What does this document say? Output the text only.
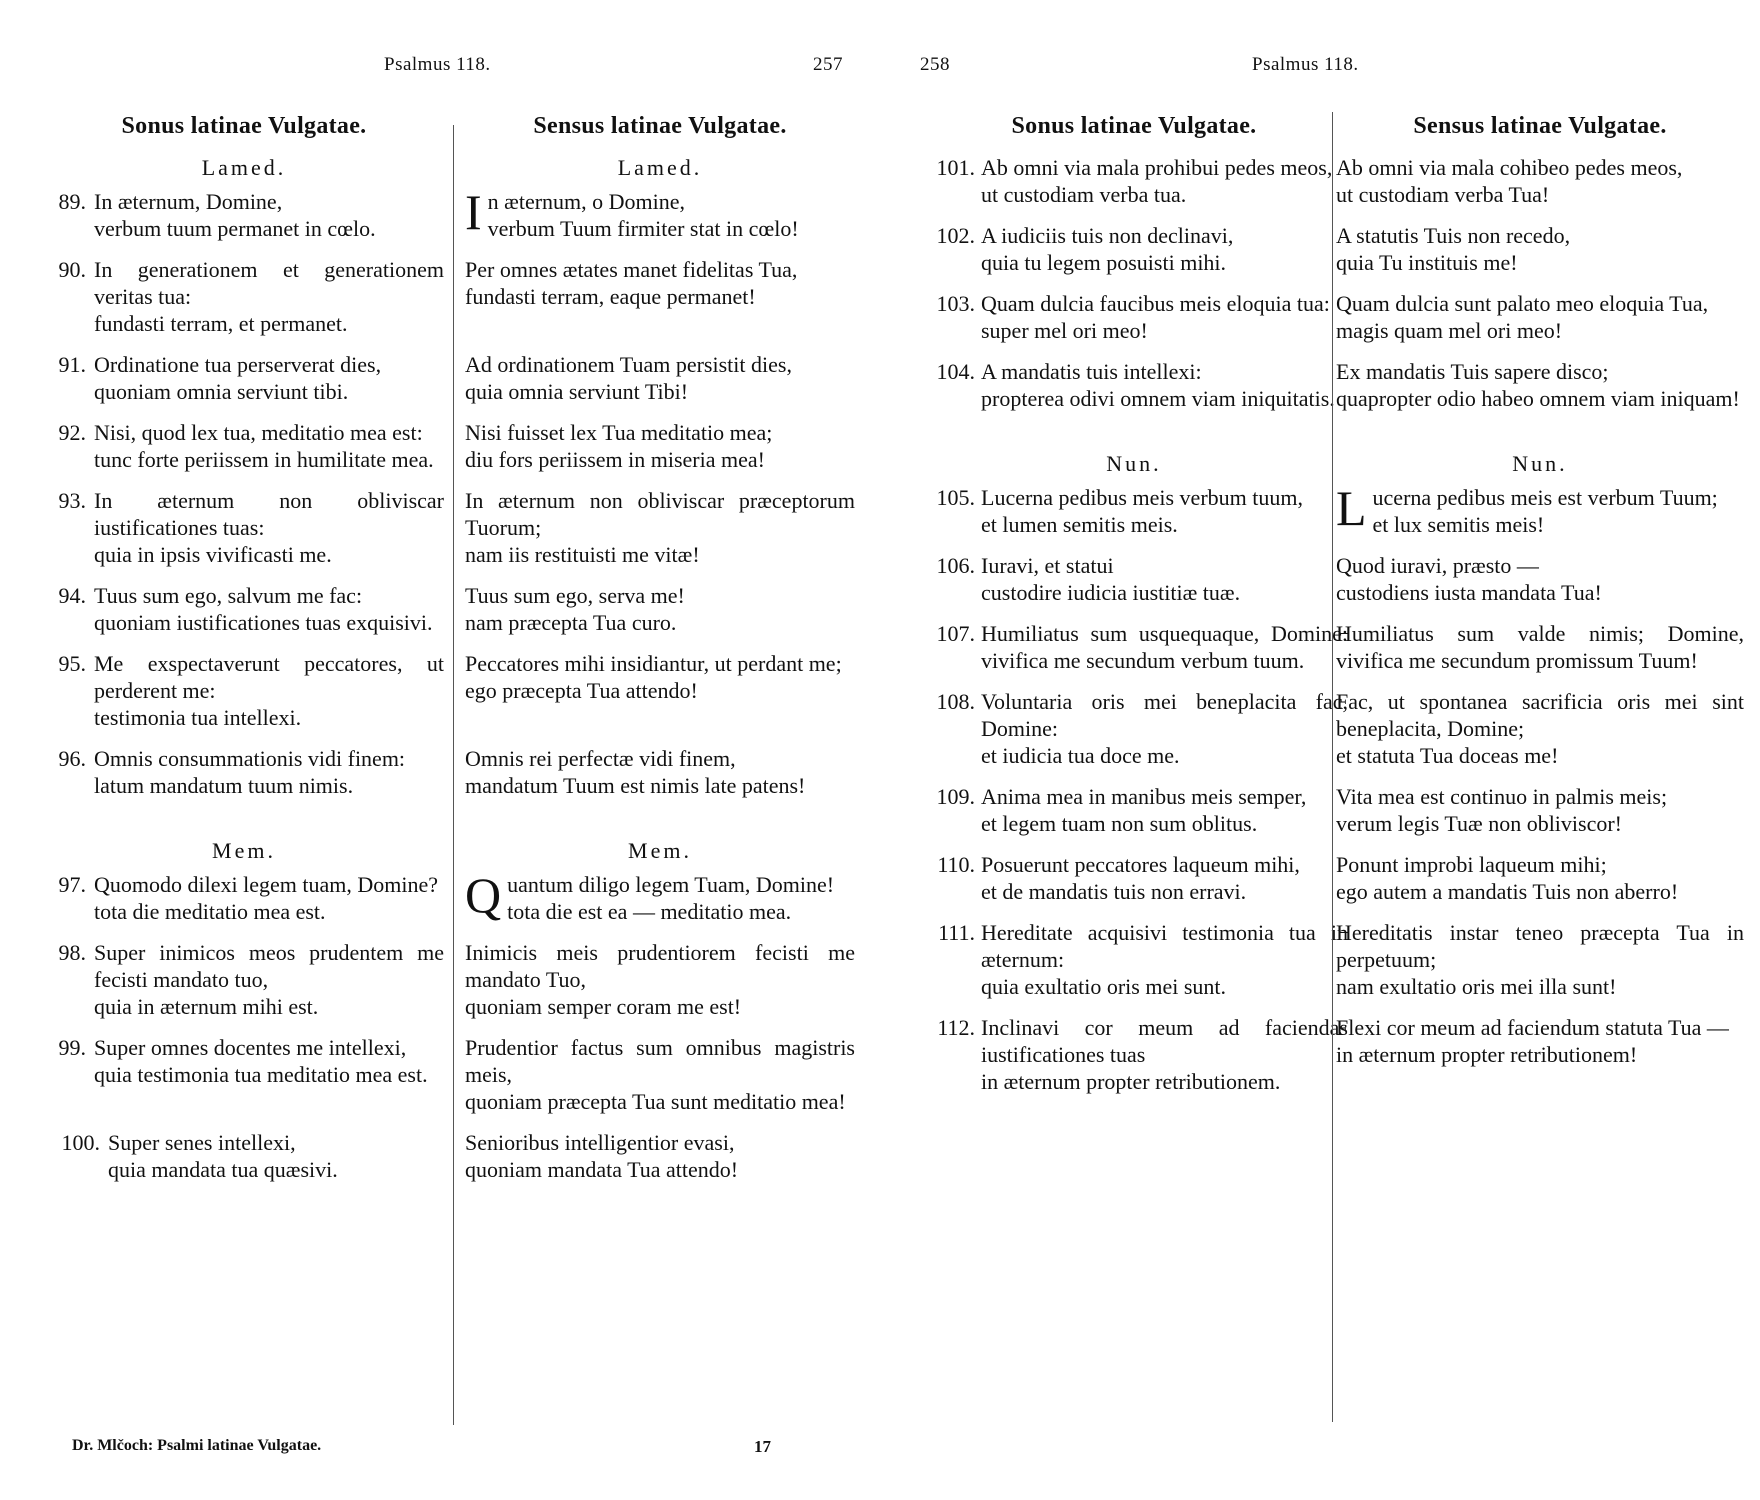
Psalmus 118.	257
Sonus latinae Vulgatae.
Lamed.
89. In æternum, Domine,
verbum tuum permanet in cœlo.
90. In generationem et generationem veritas tua:
fundasti terram, et permanet.
91. Ordinatione tua perserverat dies,
quoniam omnia serviunt tibi.
92. Nisi, quod lex tua, meditatio mea est:
tunc forte periissem in humilitate mea.
93. In æternum non obliviscar iustificationes tuas:
quia in ipsis vivificasti me.
94. Tuus sum ego, salvum me fac:
quoniam iustificationes tuas exquisivi.
95. Me exspectaverunt peccatores, ut perderent me:
testimonia tua intellexi.
96. Omnis consummationis vidi finem:
latum mandatum tuum nimis.
Mem.
97. Quomodo dilexi legem tuam, Domine?
tota die meditatio mea est.
98. Super inimicos meos prudentem me fecisti mandato tuo,
quia in æternum mihi est.
99. Super omnes docentes me intellexi,
quia testimonia tua meditatio mea est.
100. Super senes intellexi,
quia mandata tua quæsivi.
Sensus latinae Vulgatae.
Lamed.
I n æternum, o Domine,
verbum Tuum firmiter stat in cœlo!
Per omnes ætates manet fidelitas Tua,
fundasti terram, eaque permanet!
Ad ordinationem Tuam persistit dies,
quia omnia serviunt Tibi!
Nisi fuisset lex Tua meditatio mea;
diu fors periissem in miseria mea!
In æternum non obliviscar præceptorum Tuorum;
nam iis restituisti me vitæ!
Tuus sum ego, serva me!
nam præcepta Tua curo.
Peccatores mihi insidiantur, ut perdant me;
ego præcepta Tua attendo!
Omnis rei perfectæ vidi finem,
mandatum Tuum est nimis late patens!
Mem.
Q uantum diligo legem Tuam, Domine!
tota die est ea — meditatio mea.
Inimicis meis prudentiorem fecisti me mandato Tuo,
quoniam semper coram me est!
Prudentior factus sum omnibus magistris meis,
quoniam præcepta Tua sunt meditatio mea!
Senioribus intelligentior evasi,
quoniam mandata Tua attendo!
Dr. Mlčoch: Psalmi latinae Vulgatae.	17
258	Psalmus 118.
Sonus latinae Vulgatae.
101. Ab omni via mala prohibui pedes meos,
ut custodiam verba tua.
102. A iudiciis tuis non declinavi,
quia tu legem posuisti mihi.
103. Quam dulcia faucibus meis eloquia tua:
super mel ori meo!
104. A mandatis tuis intellexi:
propterea odivi omnem viam iniquitatis.
Nun.
105. Lucerna pedibus meis verbum tuum,
et lumen semitis meis.
106. Iuravi, et statui
custodire iudicia iustitiæ tuæ.
107. Humiliatus sum usquequaque, Domine: vivifica me secundum verbum tuum.
108. Voluntaria oris mei beneplacita fac, Domine:
et iudicia tua doce me.
109. Anima mea in manibus meis semper,
et legem tuam non sum oblitus.
110. Posuerunt peccatores laqueum mihi,
et de mandatis tuis non erravi.
111. Hereditate acquisivi testimonia tua in æternum:
quia exultatio oris mei sunt.
112. Inclinavi cor meum ad faciendas iustificationes tuas
in æternum propter retributionem.
Sensus latinae Vulgatae.
Ab omni via mala cohibeo pedes meos,
ut custodiam verba Tua!
A statutis Tuis non recedo,
quia Tu instituis me!
Quam dulcia sunt palato meo eloquia Tua,
magis quam mel ori meo!
Ex mandatis Tuis sapere disco;
quapropter odio habeo omnem viam iniquam!
Nun.
L ucerna pedibus meis est verbum Tuum;
et lux semitis meis!
Quod iuravi, præsto —
custodiens iusta mandata Tua!
Humiliatus sum valde nimis; Domine, vivifica me secundum promissum Tuum!
Fac, ut spontanea sacrificia oris mei sint beneplacita, Domine;
et statuta Tua doceas me!
Vita mea est continuo in palmis meis;
verum legis Tuæ non obliviscor!
Ponunt improbi laqueum mihi;
ego autem a mandatis Tuis non aberro!
Hereditatis instar teneo præcepta Tua in perpetuum;
nam exultatio oris mei illa sunt!
Flexi cor meum ad faciendum statuta Tua —
in æternum propter retributionem!
